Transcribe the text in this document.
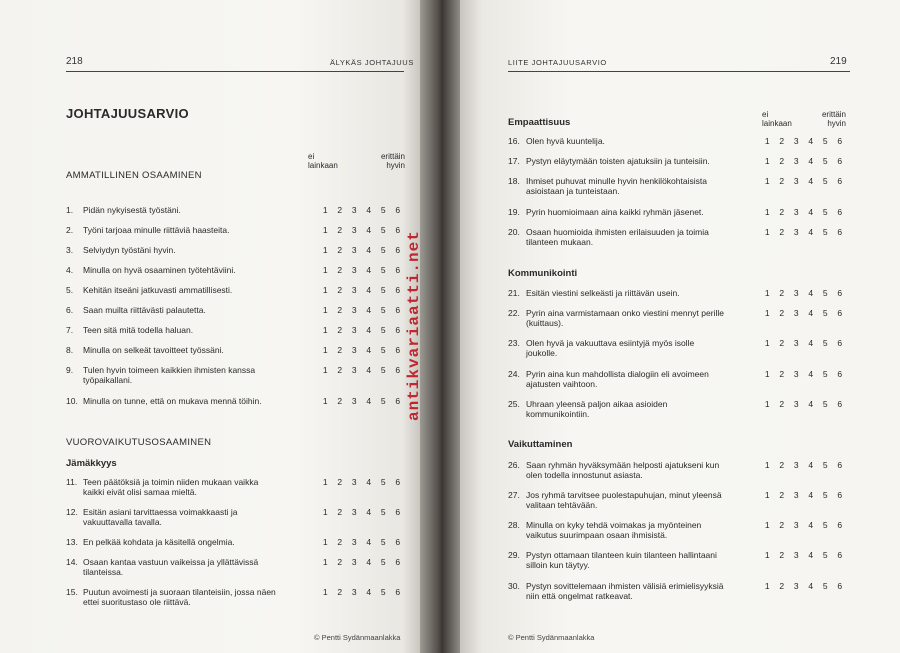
218	ÄLYKÄS JOHTAJUUS
JOHTAJUUSARVIO
ei
lainkaan
erittäin
hyvin
AMMATILLINEN OSAAMINEN
1. Pidän nykyisestä työstäni.	1	2	3	4	5	6
2. Työni tarjoaa minulle riittäviä haasteita.	1	2	3	4	5	6
3. Selviydyn työstäni hyvin.	1	2	3	4	5	6
4. Minulla on hyvä osaaminen työtehtäviini.	1	2	3	4	5	6
5. Kehitän itseäni jatkuvasti ammatillisesti.	1	2	3	4	5	6
6. Saan muilta riittävästi palautetta.	1	2	3	4	5	6
7. Teen sitä mitä todella haluan.	1	2	3	4	5	6
8. Minulla on selkeät tavoitteet työssäni.	1	2	3	4	5	6
9. Tulen hyvin toimeen kaikkien ihmisten kanssa
työpaikallani.
1	2	3	4	5	6
10. Minulla on tunne, että on mukava mennä töihin.	1	2	3	4	5	6
VUOROVAIKUTUSOSAAMINEN
Jämäkkyys
11. Teen päätöksiä ja toimin niiden mukaan vaikka
kaikki eivät olisi samaa mieltä.
1	2	3	4	5	6
12. Esitän asiani tarvittaessa voimakkaasti ja
vakuuttavalla tavalla.
1	2	3	4	5	6
13. En pelkää kohdata ja käsitellä ongelmia.	1	2	3	4	5	6
14. Osaan kantaa vastuun vaikeissa ja yllättävissä
tilanteissa.
1	2	3	4	5	6
15. Puutun avoimesti ja suoraan tilanteisiin, jossa näen
ettei suoritustaso ole riittävä.
1	2	3	4	5	6
© Pentti Sydänmaanlakka
LIITE JOHTAJUUSARVIO	219
ei
lainkaan
erittäin
hyvin
Empaattisuus
16. Olen hyvä kuuntelija.	1	2	3	4	5	6
17. Pystyn eläytymään toisten ajatuksiin ja tunteisiin.	1	2	3	4	5	6
18. Ihmiset puhuvat minulle hyvin henkilökohtaisista
asioistaan ja tunteistaan.
1	2	3	4	5	6
19. Pyrin huomioimaan aina kaikki ryhmän jäsenet.	1	2	3	4	5	6
20. Osaan huomioida ihmisten erilaisuuden ja toimia
tilanteen mukaan.
1	2	3	4	5	6
Kommunikointi
21. Esitän viestini selkeästi ja riittävän usein.	1	2	3	4	5	6
22. Pyrin aina varmistamaan onko viestini mennyt perille
(kuittaus).
1	2	3	4	5	6
23. Olen hyvä ja vakuuttava esiintyjä myös isolle
joukolle.
1	2	3	4	5	6
24. Pyrin aina kun mahdollista dialogiin eli avoimeen
ajatusten vaihtoon.
1	2	3	4	5	6
25. Uhraan yleensä paljon aikaa asioiden
kommunikointiin.
1	2	3	4	5	6
Vaikuttaminen
26. Saan ryhmän hyväksymään helposti ajatukseni kun
olen todella innostunut asiasta.
1	2	3	4	5	6
27. Jos ryhmä tarvitsee puolestapuhujan, minut yleensä
valitaan tehtävään.
1	2	3	4	5	6
28. Minulla on kyky tehdä voimakas ja myönteinen
vaikutus suurimpaan osaan ihmisistä.
1	2	3	4	5	6
29. Pystyn ottamaan tilanteen kuin tilanteen hallintaani
silloin kun täytyy.
1	2	3	4	5	6
30. Pystyn sovittelemaan ihmisten välisiä erimielisyyksiä
niin että ongelmat ratkeavat.
1	2	3	4	5	6
© Pentti Sydänmaanlakka
antikvariaatti.net
